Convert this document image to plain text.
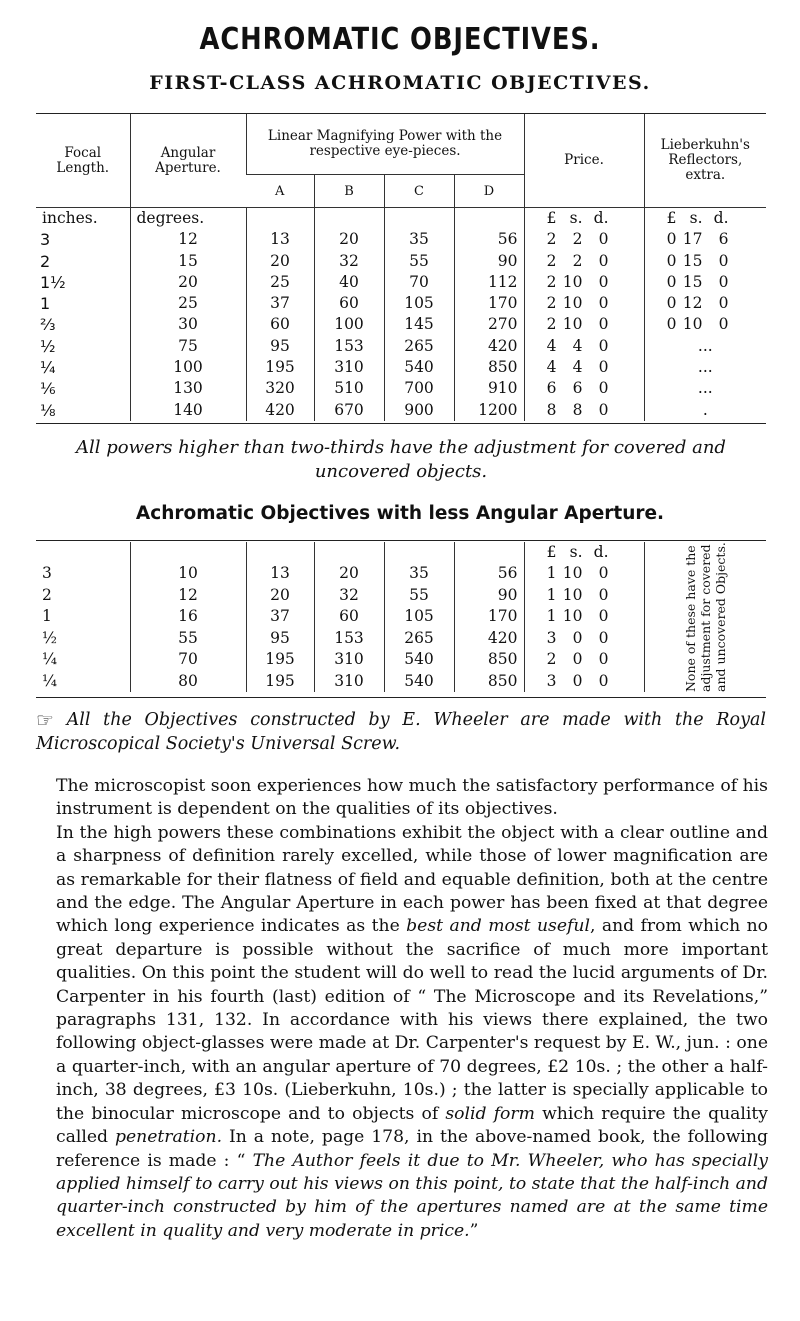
ACHROMATIC OBJECTIVES.
FIRST-CLASS ACHROMATIC OBJECTIVES.
Focal Length.	Angular Aperture.	Linear Magnifying Power with the respective eye-pieces.				Price.	Lieberkuhn's Reflectors, extra.
		A	B	C	D		
inches.	degrees.					£ s. d.	£ s. d.
3	12	13	20	35	56	2 2 0	0 17 6
2	15	20	32	55	90	2 2 0	0 15 0
1½	20	25	40	70	112	2 10 0	0 15 0
1	25	37	60	105	170	2 10 0	0 12 0
⅔	30	60	100	145	270	2 10 0	0 10 0
½	75	95	153	265	420	4 4 0	...
¼	100	195	310	540	850	4 4 0	...
⅙	130	320	510	700	910	6 6 0	...
⅛	140	420	670	900	1200	8 8 0	.
All powers higher than two-thirds have the adjustment for covered and uncovered objects.
Achromatic Objectives with less Angular Aperture.
						£ s. d.	None of these have the adjustment for covered and uncovered Objects.

3	10	13	20	35	56	1 10 0	
2	12	20	32	55	90	1 10 0	
1	16	37	60	105	170	1 10 0	
½	55	95	153	265	420	3 0 0	
¼	70	195	310	540	850	2 0 0	
¼	80	195	310	540	850	3 0 0	
☞ All the Objectives constructed by E. Wheeler are made with the Royal Microscopical Society's Universal Screw.

The microscopist soon experiences how much the satisfactory performance of his instrument is dependent on the qualities of its objectives.

In the high powers these combinations exhibit the object with a clear outline and a sharpness of definition rarely excelled, while those of lower magnification are as remarkable for their flatness of field and equable definition, both at the centre and the edge. The Angular Aperture in each power has been fixed at that degree which long experience indicates as the best and most useful, and from which no great departure is possible without the sacrifice of much more important qualities. On this point the student will do well to read the lucid arguments of Dr. Carpenter in his fourth (last) edition of “ The Microscope and its Revelations,” paragraphs 131, 132. In accordance with his views there explained, the two following object-glasses were made at Dr. Carpenter's request by E. W., jun. : one a quarter-inch, with an angular aperture of 70 degrees, £2 10s. ; the other a half-inch, 38 degrees, £3 10s. (Lieberkuhn, 10s.) ; the latter is specially applicable to the binocular microscope and to objects of solid form which require the quality called penetration. In a note, page 178, in the above-named book, the following reference is made : “ The Author feels it due to Mr. Wheeler, who has specially applied himself to carry out his views on this point, to state that the half-inch and quarter-inch constructed by him of the apertures named are at the same time excellent in quality and very moderate in price.”
